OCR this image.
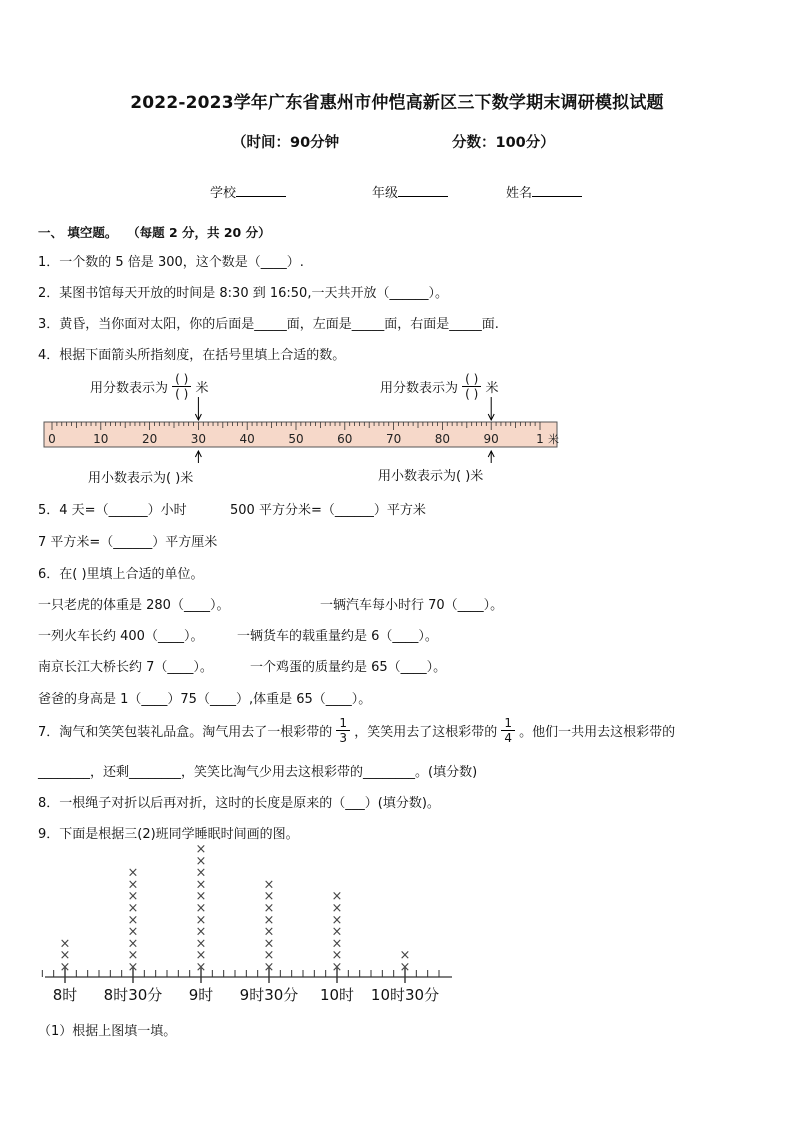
2022-2023学年广东省惠州市仲恺高新区三下数学期末调研模拟试题
（时间：90分钟	分数：100分）
学校	年级	姓名
一、 填空题。 （每题 2 分，共 20 分）
1．一个数的 5 倍是 300，这个数是（____）.
2．某图书馆每天开放的时间是 8:30 到 16:50,一天共开放（______）。
3．黄昏，当你面对太阳，你的后面是_____面，左面是_____面，右面是_____面.
4．根据下面箭头所指刻度，在括号里填上合适的数。
用分数表示为 $\frac{( )}{( )}$ 米	用分数表示为 $\frac{( )}{( )}$ 米
0	10	20	30	40	50	60	70	80	90	1 米
用小数表示为( )米	用小数表示为( )米
5．4 天=（______）小时	500 平方分米=（______）平方米
7 平方米=（______）平方厘米
6．在( )里填上合适的单位。
一只老虎的体重是 280（____）。	一辆汽车每小时行 70（____）。
一列火车长约 400（____）。	一辆货车的载重量约是 6（____）。
南京长江大桥长约 7（____）。	一个鸡蛋的质量约是 65（____）。
爸爸的身高是 1（____）75（____）,体重是 65（____）。
7．淘气和笑笑包装礼品盒。淘气用去了一根彩带的 $\frac{1}{3}$ ，笑笑用去了这根彩带的 $\frac{1}{4}$ 。他们一共用去这根彩带的
________，还剩________，笑笑比淘气少用去这根彩带的________。(填分数)
8．一根绳子对折以后再对折，这时的长度是原来的（___）(填分数)。
9．下面是根据三(2)班同学睡眠时间画的图。
×
×
×
×
×
×
×
×
×
×
×
×
×
×
×
×
×
×
×
×
×
×
×
×
×
×
×
×
×
×
×
×
×
×
×
×
×
×
×
×
8时 8时30分 9时 9时30分 10时 10时30分
（1）根据上图填一填。
